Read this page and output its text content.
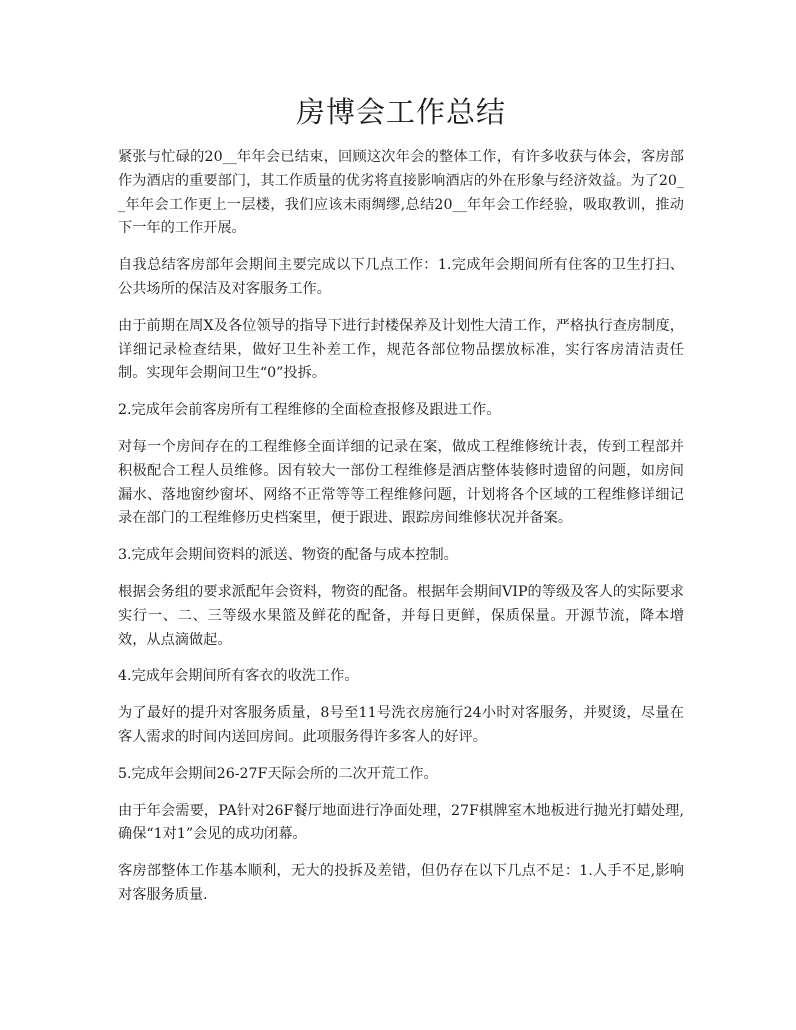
房博会工作总结

紧张与忙碌的20__年年会已结束，回顾这次年会的整体工作，有许多收获与体会，客房部作为酒店的重要部门，其工作质量的优劣将直接影响酒店的外在形象与经济效益。为了20__年年会工作更上一层楼，我们应该未雨绸缪,总结20__年年会工作经验，吸取教训，推动下一年的工作开展。

自我总结客房部年会期间主要完成以下几点工作：1.完成年会期间所有住客的卫生打扫、公共场所的保洁及对客服务工作。

由于前期在周X及各位领导的指导下进行封楼保养及计划性大清工作，严格执行查房制度，详细记录检查结果，做好卫生补差工作，规范各部位物品摆放标准，实行客房清洁责任制。实现年会期间卫生“0”投拆。

2.完成年会前客房所有工程维修的全面检查报修及跟进工作。

对每一个房间存在的工程维修全面详细的记录在案，做成工程维修统计表，传到工程部并积极配合工程人员维修。因有较大一部份工程维修是酒店整体装修时遗留的问题，如房间漏水、落地窗纱窗坏、网络不正常等等工程维修问题，计划将各个区域的工程维修详细记录在部门的工程维修历史档案里，便于跟进、跟踪房间维修状况并备案。

3.完成年会期间资料的派送、物资的配备与成本控制。

根据会务组的要求派配年会资料，物资的配备。根据年会期间VIP的等级及客人的实际要求实行一、二、三等级水果篮及鲜花的配备，并每日更鲜，保质保量。开源节流，降本增效，从点滴做起。

4.完成年会期间所有客衣的收洗工作。

为了最好的提升对客服务质量，8号至11号洗衣房施行24小时对客服务，并熨烫，尽量在客人需求的时间内送回房间。此项服务得许多客人的好评。

5.完成年会期间26-27F天际会所的二次开荒工作。

由于年会需要，PA针对26F餐厅地面进行净面处理，27F棋牌室木地板进行抛光打蜡处理,确保“1对1”会见的成功闭幕。

客房部整体工作基本顺利，无大的投拆及差错，但仍存在以下几点不足：1.人手不足,影响对客服务质量.
